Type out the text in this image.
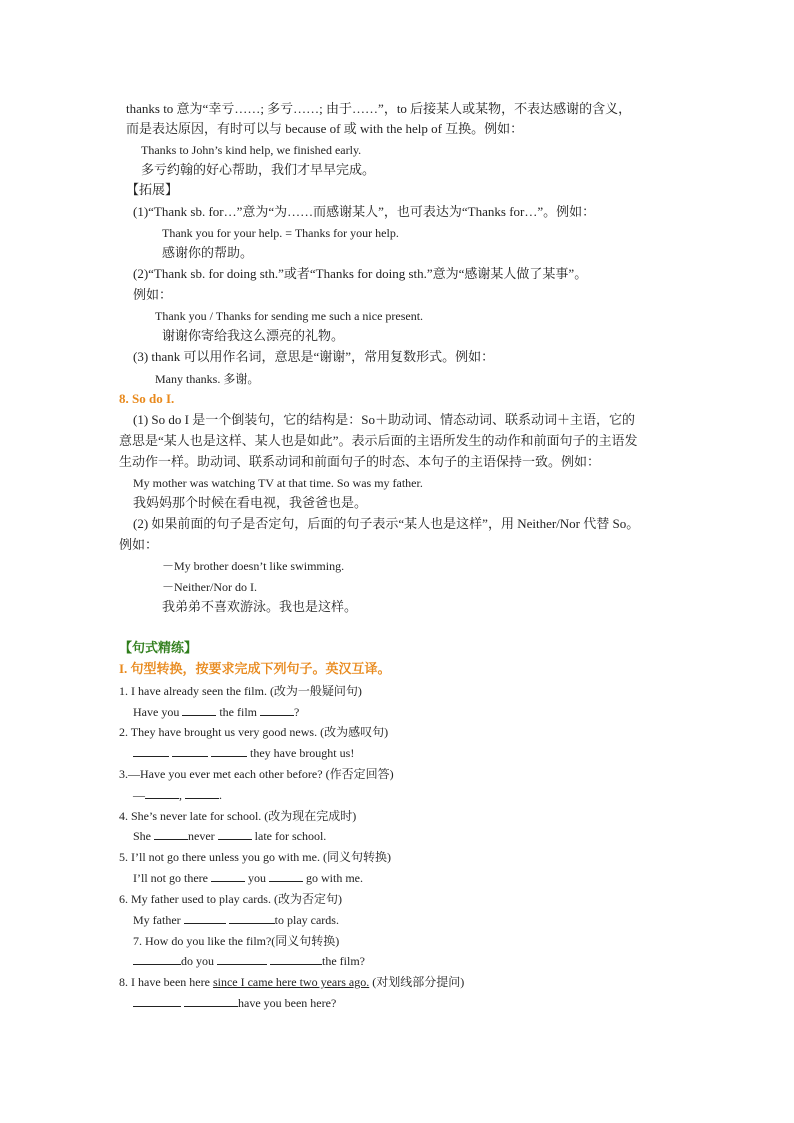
thanks to 意为“幸亏……; 多亏……; 由于……”，to 后接某人或某物，不表达感谢的含义，
而是表达原因，有时可以与 because of 或 with the help of 互换。例如：
Thanks to John’s kind help, we finished early.
多亏约翰的好心帮助，我们才早早完成。
【拓展】
(1)“Thank sb. for…”意为“为……而感谢某人”，也可表达为“Thanks for…”。例如：
Thank you for your help. = Thanks for your help.
感谢你的帮助。
(2)“Thank sb. for doing sth.”或者“Thanks for doing sth.”意为“感谢某人做了某事”。
例如：
Thank you / Thanks for sending me such a nice present.
谢谢你寄给我这么漂亮的礼物。
(3) thank 可以用作名词，意思是“谢谢”，常用复数形式。例如：
Many thanks. 多谢。
8. So do I.
(1) So do I 是一个倒装句，它的结构是：So＋助动词、情态动词、联系动词＋主语，它的
意思是“某人也是这样、某人也是如此”。表示后面的主语所发生的动作和前面句子的主语发
生动作一样。助动词、联系动词和前面句子的时态、本句子的主语保持一致。例如：
My mother was watching TV at that time. So was my father.
我妈妈那个时候在看电视，我爸爸也是。
(2) 如果前面的句子是否定句，后面的句子表示“某人也是这样”，用 Neither/Nor 代替 So。
例如：
－My brother doesn’t like swimming.
－Neither/Nor do I.
我弟弟不喜欢游泳。我也是这样。
【句式精练】
I. 句型转换，按要求完成下列句子。英汉互译。
1. I have already seen the film. (改为一般疑问句)
Have you	the film	?
2. They have brought us very good news. (改为感叹句)
they have brought us!
3.—Have you ever met each other before? (作否定回答)
—	,	.
4. She’s never late for school. (改为现在完成时)
She	never	late for school.
5. I’ll not go there unless you go with me. (同义句转换)
I’ll not go there	you	go with me.
6. My father used to play cards. (改为否定句)
My father	to play cards.
7. How do you like the film?(同义句转换)
do you	the film?
8. I have been here since I came here two years ago. (对划线部分提问)
have you been here?
